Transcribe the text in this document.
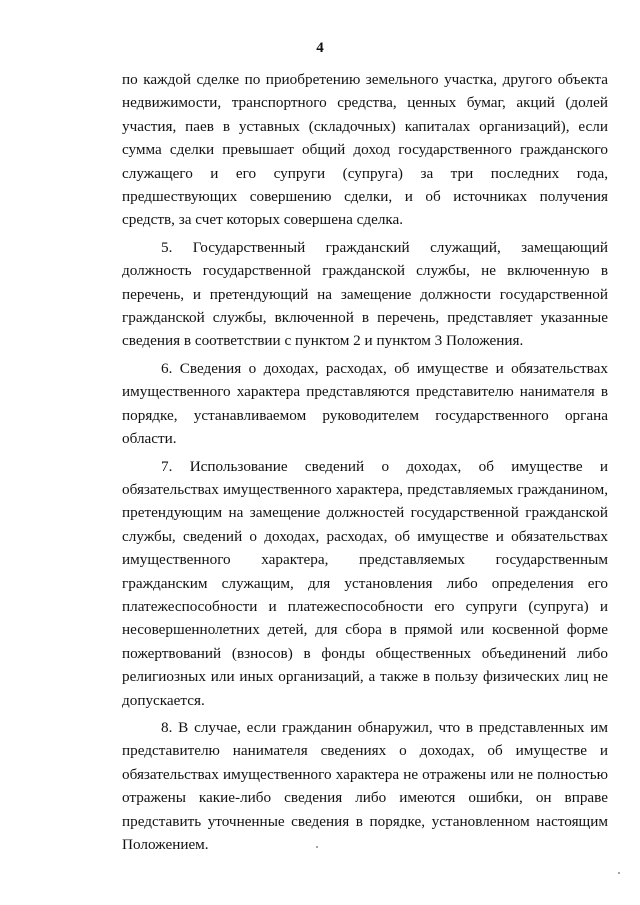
4

по каждой сделке по приобретению земельного участка, другого объекта недвижимости, транспортного средства, ценных бумаг, акций (долей участия, паев в уставных (складочных) капиталах организаций), если сумма сделки превышает общий доход государственного гражданского служащего и его супруги (супруга) за три последних года, предшествующих совершению сделки, и об источниках получения средств, за счет которых совершена сделка.

5. Государственный гражданский служащий, замещающий должность государственной гражданской службы, не включенную в перечень, и претендующий на замещение должности государственной гражданской службы, включенной в перечень, представляет указанные сведения в соответствии с пунктом 2 и пунктом 3 Положения.

6. Сведения о доходах, расходах, об имуществе и обязательствах имущественного характера представляются представителю нанимателя в порядке, устанавливаемом руководителем государственного органа области.

7. Использование сведений о доходах, об имуществе и обязательствах имущественного характера, представляемых гражданином, претендующим на замещение должностей государственной гражданской службы, сведений о доходах, расходах, об имуществе и обязательствах имущественного характера, представляемых государственным гражданским служащим, для установления либо определения его платежеспособности и платежеспособности его супруги (супруга) и несовершеннолетних детей, для сбора в прямой или косвенной форме пожертвований (взносов) в фонды общественных объединений либо религиозных или иных организаций, а также в пользу физических лиц не допускается.

8. В случае, если гражданин обнаружил, что в представленных им представителю нанимателя сведениях о доходах, об имуществе и обязательствах имущественного характера не отражены или не полностью отражены какие-либо сведения либо имеются ошибки, он вправе представить уточненные сведения в порядке, установленном настоящим Положением.
